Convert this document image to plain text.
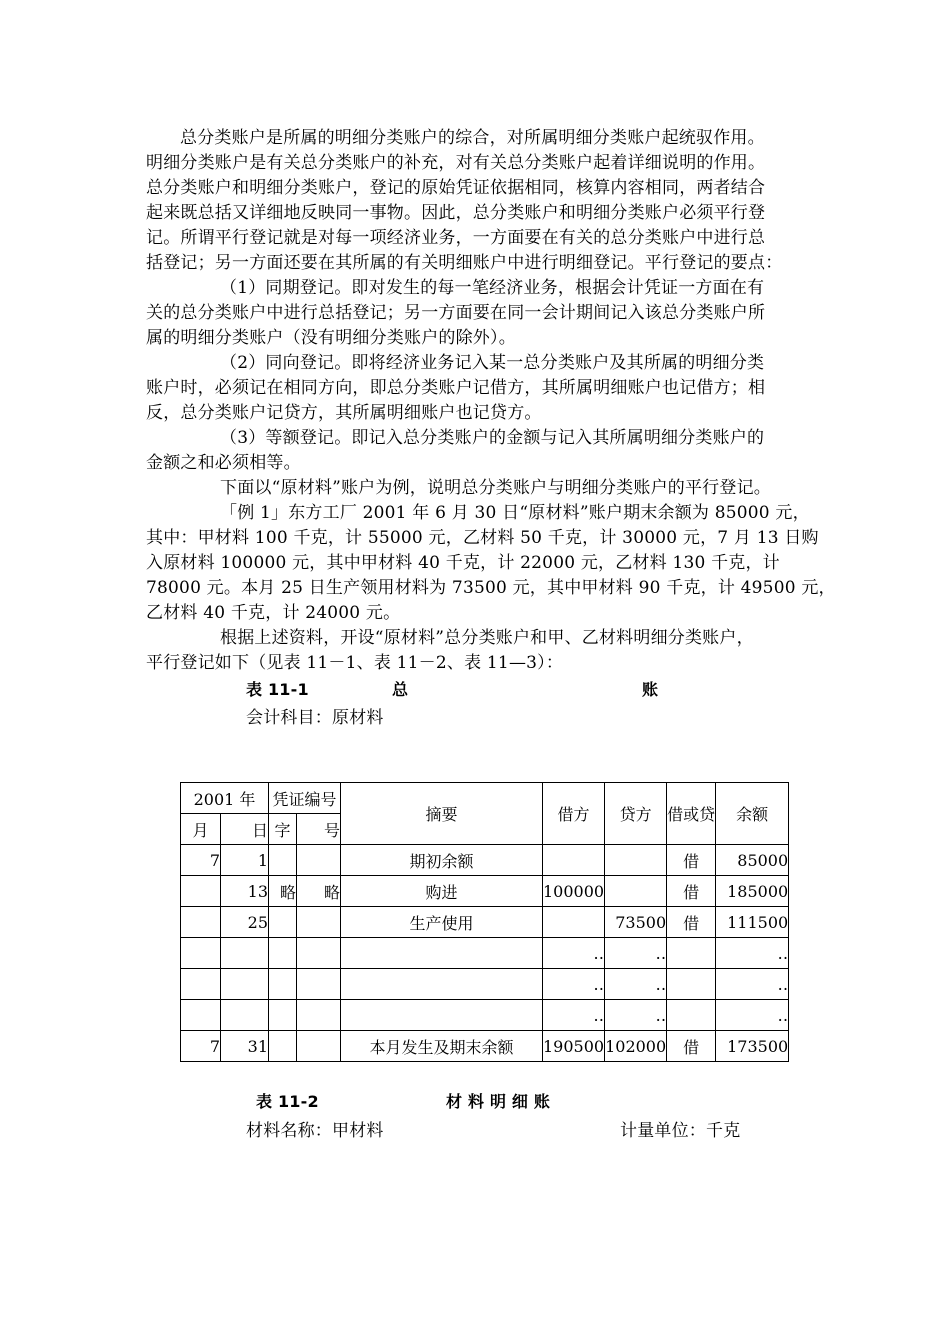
总分类账户是所属的明细分类账户的综合，对所属明细分类账户起统驭作用。
明细分类账户是有关总分类账户的补充，对有关总分类账户起着详细说明的作用。
总分类账户和明细分类账户，登记的原始凭证依据相同，核算内容相同，两者结合
起来既总括又详细地反映同一事物。因此，总分类账户和明细分类账户必须平行登
记。所谓平行登记就是对每一项经济业务，一方面要在有关的总分类账户中进行总
括登记；另一方面还要在其所属的有关明细账户中进行明细登记。平行登记的要点：
（1）同期登记。即对发生的每一笔经济业务，根据会计凭证一方面在有
关的总分类账户中进行总括登记；另一方面要在同一会计期间记入该总分类账户所
属的明细分类账户（没有明细分类账户的除外）。
（2）同向登记。即将经济业务记入某一总分类账户及其所属的明细分类
账户时，必须记在相同方向，即总分类账户记借方，其所属明细账户也记借方；相
反，总分类账户记贷方，其所属明细账户也记贷方。
（3）等额登记。即记入总分类账户的金额与记入其所属明细分类账户的
金额之和必须相等。
下面以“原材料”账户为例，说明总分类账户与明细分类账户的平行登记。
「例 1」东方工厂 2001 年 6 月 30 日“原材料”账户期末余额为 85000 元，
其中：甲材料 100 千克，计 55000 元，乙材料 50 千克，计 30000 元，7 月 13 日购
入原材料 100000 元，其中甲材料 40 千克，计 22000 元，乙材料 130 千克，计
78000 元。本月 25 日生产领用材料为 73500 元，其中甲材料 90 千克，计 49500 元，
乙材料 40 千克，计 24000 元。
根据上述资料，开设“原材料”总分类账户和甲、乙材料明细分类账户，
平行登记如下（见表 11－1、表 11－2、表 11—3）：
表 11-1	总	账
会计科目：原材料
2001 年		凭证编号		摘要	借方	贷方	借或贷	余额
月	日	字	号					
7	1			期初余额			借	85000
	13	略	略	购进	100000		借	185000
	25			生产使用		73500	借	111500
					‥	‥		‥
					‥	‥		‥
					‥	‥		‥
7	31			本月发生及期末余额	190500	102000	借	173500
表 11-2	材 料 明 细 账
材料名称：甲材料	计量单位：千克
